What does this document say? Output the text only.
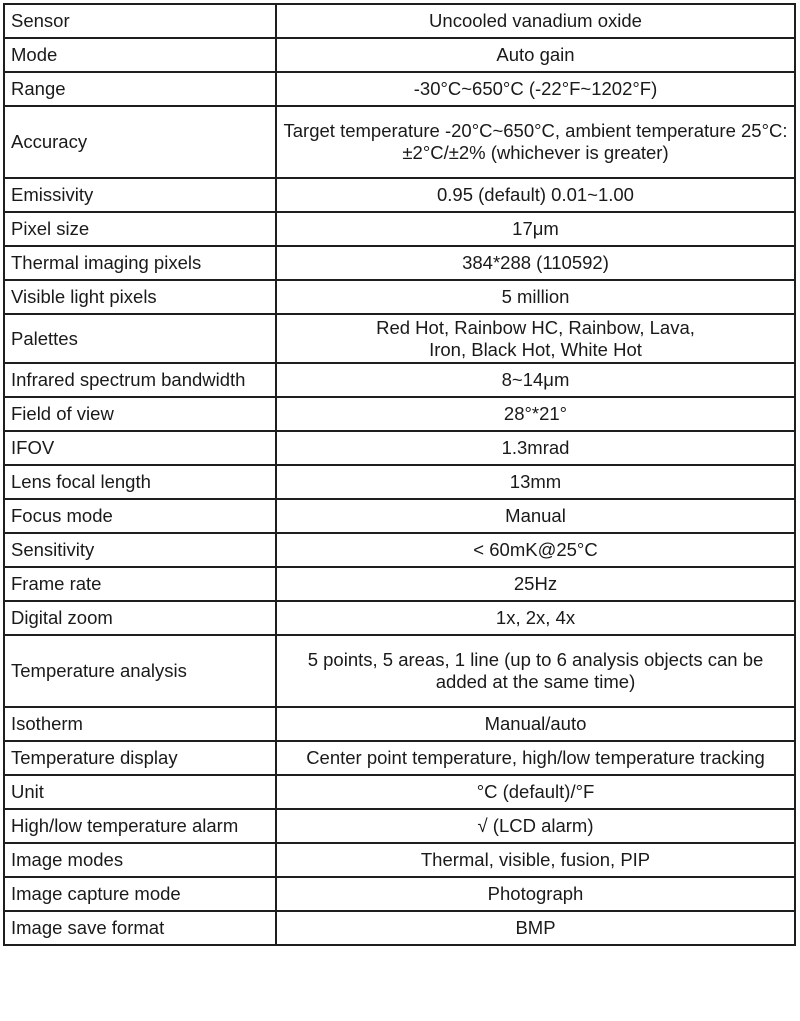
Sensor	Uncooled vanadium oxide
Mode	Auto gain
Range	-30°C~650°C (-22°F~1202°F)
Accuracy	Target temperature -20°C~650°C, ambient temperature 25°C: ±2°C/±2% (whichever is greater)
Emissivity	0.95 (default) 0.01~1.00
Pixel size	17μm
Thermal imaging pixels	384*288 (110592)
Visible light pixels	5 million
Palettes	Red Hot, Rainbow HC, Rainbow, Lava, Iron, Black Hot, White Hot
Infrared spectrum bandwidth	8~14μm
Field of view	28°*21°
IFOV	1.3mrad
Lens focal length	13mm
Focus mode	Manual
Sensitivity	< 60mK@25°C
Frame rate	25Hz
Digital zoom	1x, 2x, 4x
Temperature analysis	5 points, 5 areas, 1 line (up to 6 analysis objects can be added at the same time)
Isotherm	Manual/auto
Temperature display	Center point temperature, high/low temperature tracking
Unit	°C (default)/°F
High/low temperature alarm	√ (LCD alarm)
Image modes	Thermal, visible, fusion, PIP
Image capture mode	Photograph
Image save format	BMP
